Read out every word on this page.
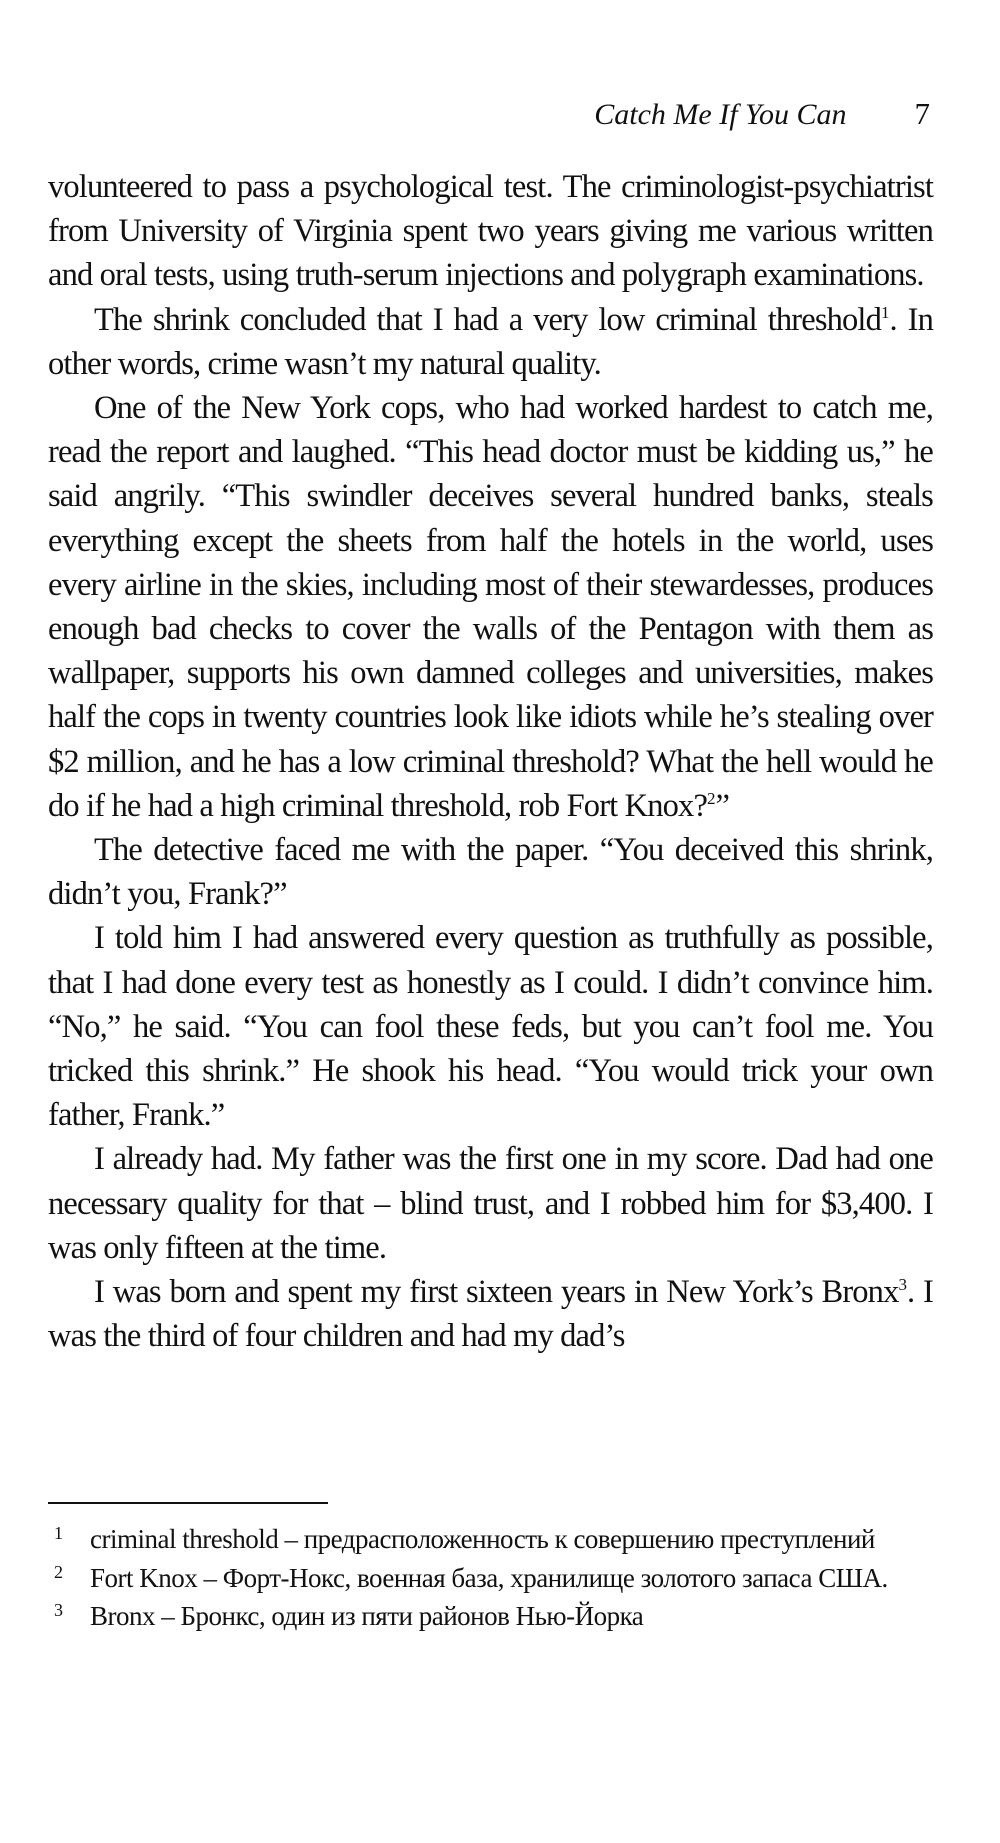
Catch Me If You Can 7

volunteered to pass a psychological test. The criminologist-psychiatrist from University of Virginia spent two years giving me various written and oral tests, using truth-serum injections and polygraph examinations.

The shrink concluded that I had a very low criminal threshold$^1$. In other words, crime wasn’t my natural quality.

One of the New York cops, who had worked hardest to catch me, read the report and laughed. “This head doctor must be kidding us,” he said angrily. “This swindler deceives several hundred banks, steals everything except the sheets from half the hotels in the world, uses every airline in the skies, including most of their stewardesses, produces enough bad checks to cover the walls of the Pentagon with them as wallpaper, supports his own damned colleges and universities, makes half the cops in twenty countries look like idiots while he’s stealing over $2 million, and he has a low criminal threshold? What the hell would he do if he had a high criminal threshold, rob Fort Knox?$^2$”

The detective faced me with the paper. “You deceived this shrink, didn’t you, Frank?”

I told him I had answered every question as truthfully as possible, that I had done every test as honestly as I could. I didn’t convince him. “No,” he said. “You can fool these feds, but you can’t fool me. You tricked this shrink.” He shook his head. “You would trick your own father, Frank.”

I already had. My father was the first one in my score. Dad had one necessary quality for that – blind trust, and I robbed him for $3,400. I was only fifteen at the time.

I was born and spent my first sixteen years in New York’s Bronx$^3$. I was the third of four children and had my dad’s

1	criminal threshold – предрасположенность к совершению преступлений
2	Fort Knox – Форт-Нокс, военная база, хранилище золотого запаса США.
3	Bronx – Бронкс, один из пяти районов Нью-Йорка
